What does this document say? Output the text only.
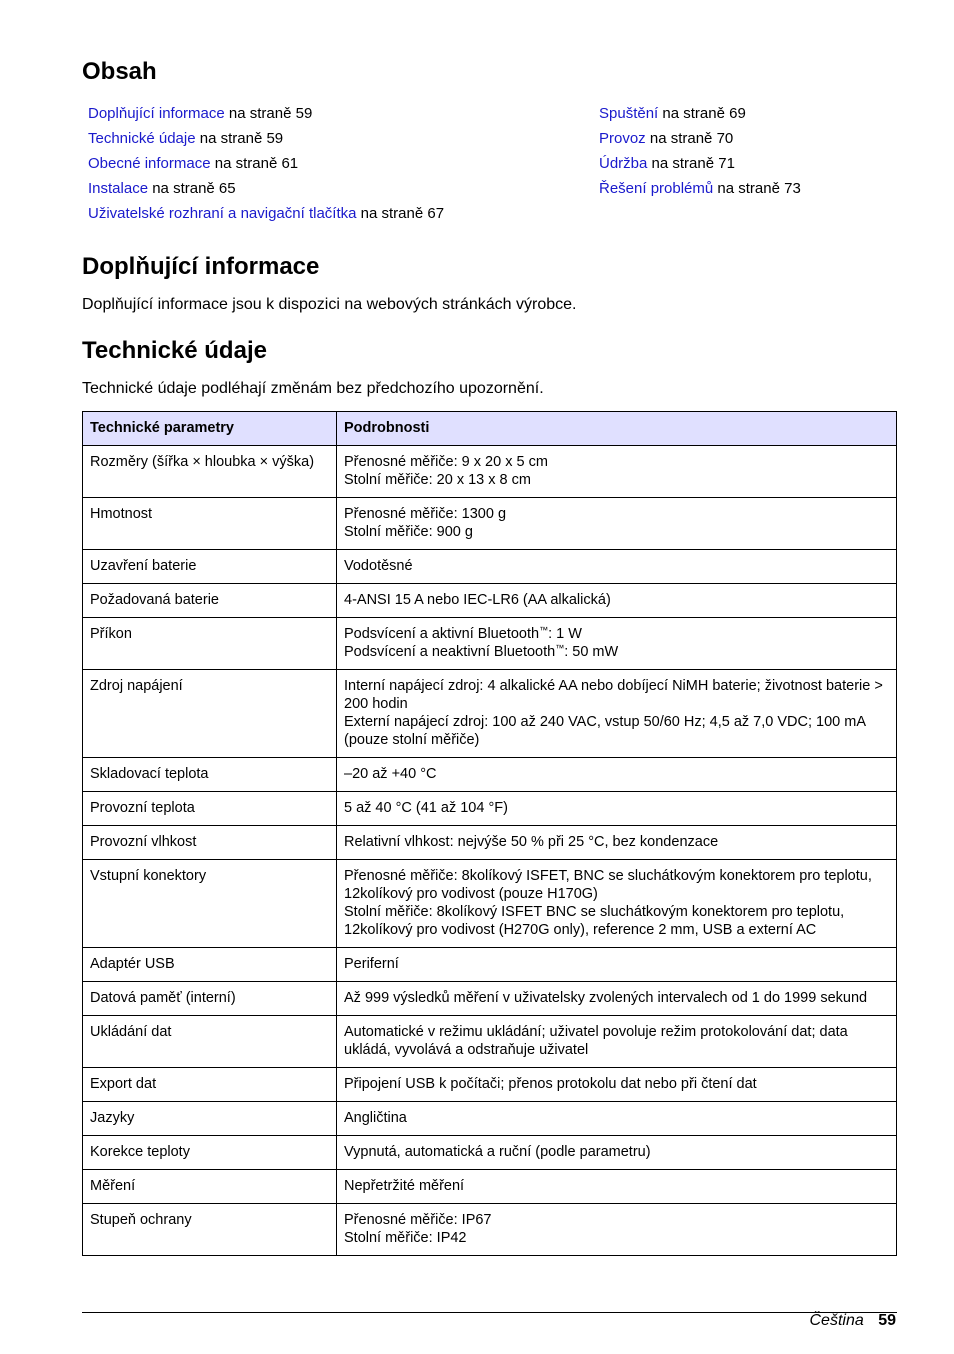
Obsah
Doplňující informace na straně 59
Technické údaje na straně 59
Obecné informace na straně 61
Instalace na straně 65
Uživatelské rozhraní a navigační tlačítka na straně 67
Spuštění na straně 69
Provoz na straně 70
Údržba na straně 71
Řešení problémů na straně 73
Doplňující informace

Doplňující informace jsou k dispozici na webových stránkách výrobce.

Technické údaje

Technické údaje podléhají změnám bez předchozího upozornění.

Technické parametry	Podrobnosti
Rozměry (šířka × hloubka × výška)	Přenosné měřiče: 9 x 20 x 5 cm
Stolní měřiče: 20 x 13 x 8 cm

Hmotnost	Přenosné měřiče: 1300 g
Stolní měřiče: 900 g

Uzavření baterie	Vodotěsné

Požadovaná baterie	4-ANSI 15 A nebo IEC-LR6 (AA alkalická)

Příkon	Podsvícení a aktivní Bluetooth™: 1 W
Podsvícení a neaktivní Bluetooth™: 50 mW

Zdroj napájení	Interní napájecí zdroj: 4 alkalické AA nebo dobíjecí NiMH baterie; životnost baterie > 200 hodin
Externí napájecí zdroj: 100 až 240 VAC, vstup 50/60 Hz; 4,5 až 7,0 VDC; 100 mA (pouze stolní měřiče)

Skladovací teplota	–20 až +40 °C

Provozní teplota	5 až 40 °C (41 až 104 °F)

Provozní vlhkost	Relativní vlhkost: nejvýše 50 % při 25 °C, bez kondenzace

Vstupní konektory	Přenosné měřiče: 8kolíkový ISFET, BNC se sluchátkovým konektorem pro teplotu, 12kolíkový pro vodivost (pouze H170G)
Stolní měřiče: 8kolíkový ISFET BNC se sluchátkovým konektorem pro teplotu, 12kolíkový pro vodivost (H270G only), reference 2 mm, USB a externí AC

Adaptér USB	Periferní

Datová paměť (interní)	Až 999 výsledků měření v uživatelsky zvolených intervalech od 1 do 1999 sekund

Ukládání dat	Automatické v režimu ukládání; uživatel povoluje režim protokolování dat; data ukládá, vyvolává a odstraňuje uživatel

Export dat	Připojení USB k počítači; přenos protokolu dat nebo při čtení dat

Jazyky	Angličtina

Korekce teploty	Vypnutá, automatická a ruční (podle parametru)

Měření	Nepřetržité měření

Stupeň ochrany	Přenosné měřiče: IP67
Stolní měřiče: IP42
Čeština 59
